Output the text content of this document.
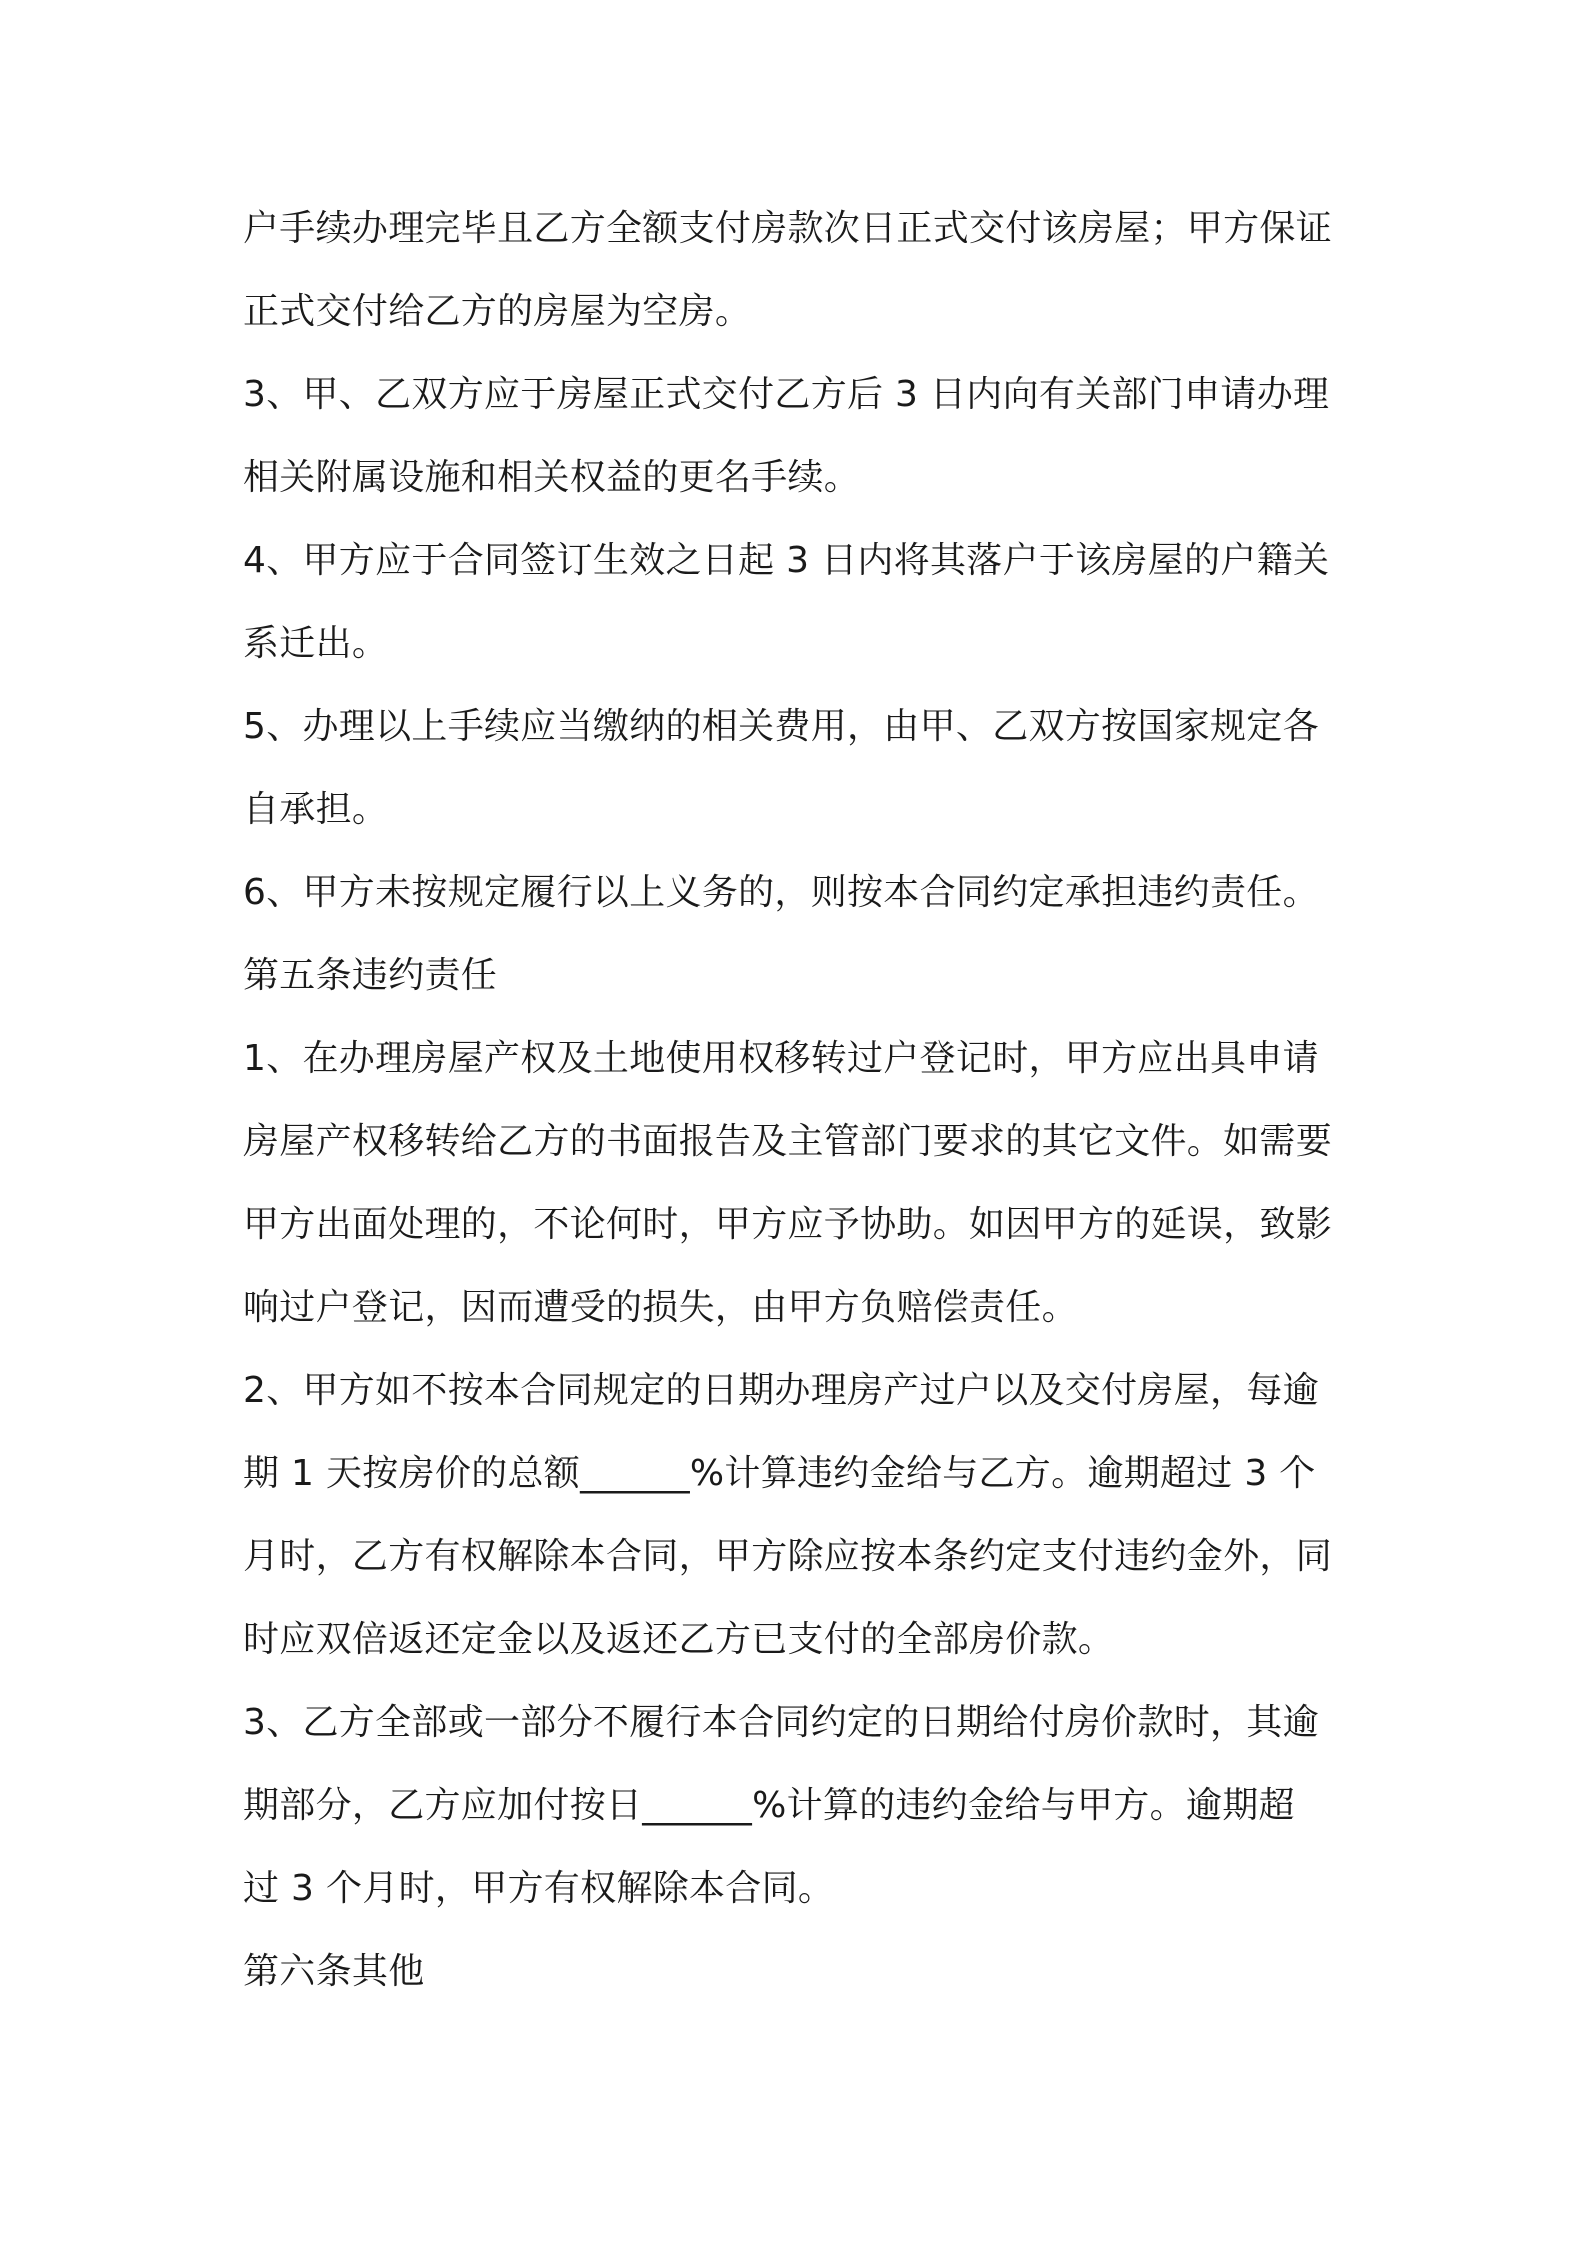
户手续办理完毕且乙方全额支付房款次日正式交付该房屋；甲方保证

正式交付给乙方的房屋为空房。

3、甲、乙双方应于房屋正式交付乙方后 3 日内向有关部门申请办理

相关附属设施和相关权益的更名手续。

4、甲方应于合同签订生效之日起 3 日内将其落户于该房屋的户籍关

系迁出。

5、办理以上手续应当缴纳的相关费用，由甲、乙双方按国家规定各

自承担。

6、甲方未按规定履行以上义务的，则按本合同约定承担违约责任。

第五条违约责任

1、在办理房屋产权及土地使用权移转过户登记时，甲方应出具申请

房屋产权移转给乙方的书面报告及主管部门要求的其它文件。如需要

甲方出面处理的，不论何时，甲方应予协助。如因甲方的延误，致影

响过户登记，因而遭受的损失，由甲方负赔偿责任。

2、甲方如不按本合同规定的日期办理房产过户以及交付房屋，每逾

期 1 天按房价的总额______%计算违约金给与乙方。逾期超过 3 个

月时，乙方有权解除本合同，甲方除应按本条约定支付违约金外，同

时应双倍返还定金以及返还乙方已支付的全部房价款。

3、乙方全部或一部分不履行本合同约定的日期给付房价款时，其逾

期部分，乙方应加付按日______%计算的违约金给与甲方。逾期超

过 3 个月时，甲方有权解除本合同。

第六条其他
